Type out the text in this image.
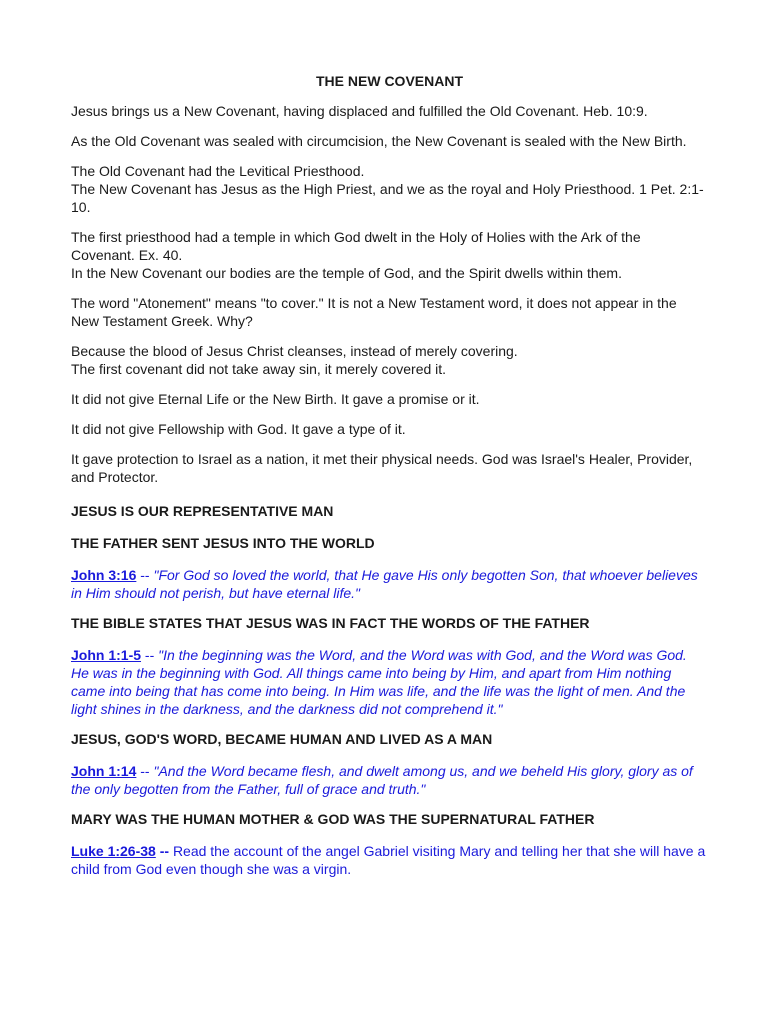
THE NEW COVENANT

Jesus brings us a New Covenant, having displaced and fulfilled the Old Covenant. Heb. 10:9.

As the Old Covenant was sealed with circumcision, the New Covenant is sealed with the New Birth.

The Old Covenant had the Levitical Priesthood.
The New Covenant has Jesus as the High Priest, and we as the royal and Holy Priesthood. 1 Pet. 2:1-10.

The first priesthood had a temple in which God dwelt in the Holy of Holies with the Ark of the Covenant. Ex. 40.
In the New Covenant our bodies are the temple of God, and the Spirit dwells within them.

The word "Atonement" means "to cover." It is not a New Testament word, it does not appear in the New Testament Greek. Why?

Because the blood of Jesus Christ cleanses, instead of merely covering.
The first covenant did not take away sin, it merely covered it.

It did not give Eternal Life or the New Birth. It gave a promise or it.

It did not give Fellowship with God. It gave a type of it.

It gave protection to Israel as a nation, it met their physical needs. God was Israel's Healer, Provider, and Protector.

JESUS IS OUR REPRESENTATIVE MAN
THE FATHER SENT JESUS INTO THE WORLD

John 3:16 -- "For God so loved the world, that He gave His only begotten Son, that whoever believes in Him should not perish, but have eternal life."

THE BIBLE STATES THAT JESUS WAS IN FACT THE WORDS OF THE FATHER

John 1:1-5 -- "In the beginning was the Word, and the Word was with God, and the Word was God. He was in the beginning with God. All things came into being by Him, and apart from Him nothing came into being that has come into being. In Him was life, and the life was the light of men. And the light shines in the darkness, and the darkness did not comprehend it."

JESUS, GOD'S WORD, BECAME HUMAN AND LIVED AS A MAN

John 1:14 -- "And the Word became flesh, and dwelt among us, and we beheld His glory, glory as of the only begotten from the Father, full of grace and truth."

MARY WAS THE HUMAN MOTHER & GOD WAS THE SUPERNATURAL FATHER

Luke 1:26-38 -- Read the account of the angel Gabriel visiting Mary and telling her that she will have a child from God even though she was a virgin.
